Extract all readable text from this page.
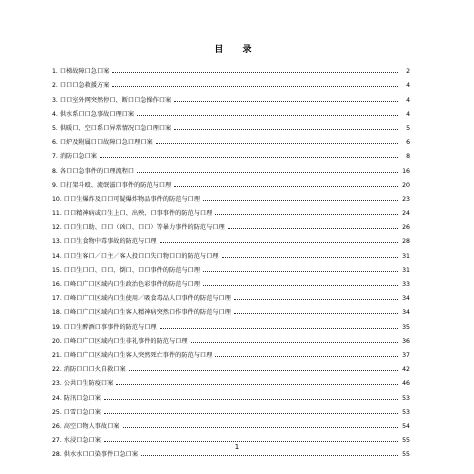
目 录
1. 口梯故障口急口案	2
2. 口口口急救援方案	4
3. 口口室外网突然停口、断口口急操作口案	4
4. 供水系口口急事故口理口案	4
5. 供暖口、空口系口异常情况口急口理口案	5
6. 口炉及附属口口故障口急口理口案	6
7. 消防口急口案	8
8. 各口口急事件的口理流程口	16
9. 口打架斗殴、流氓滋口事件的防范与口理	20
10. 口口生爆炸及口口可疑爆炸物品事件的防范与口理	23
11. 口口精神病或口生上口、出殃、口事事件的防范与口理	24
12. 口口生口助、口口（凶口、口口）等暴力事件的防范与口理	26
13. 口口生食物中毒事故的防范与口理	28
14. 口口生客口／口主／客人投口口失口物口口的防范与口理	31
15. 口口生口口、口口、倒口、口口事件的防范与口理	31
16. 口峰口广口区域内口生政治色彩事件的防范与口理	33
17. 口峰口广口区域内口生使用／吸食毒品人口事件的防范与口理	34
18. 口峰口广口区域内口生客人精神病突然口作事件的防范与口理	34
19. 口口生醉酒口事事件的防范与口理	35
20. 口峰口广口区域内口生非礼事件的防范与口理	36
21. 口峰口广口区域内口生客人突然死亡事件的防范与口理	37
22. 消防口口口火自救口案	42
23. 公共口生防疫口案	46
24. 防汛口急口案	53
25. 口雪口急口案	53
26. 高空口物人事故口案	54
27. 水浸口急口案	55
28. 供水水口口染事件口急口案	55
1
